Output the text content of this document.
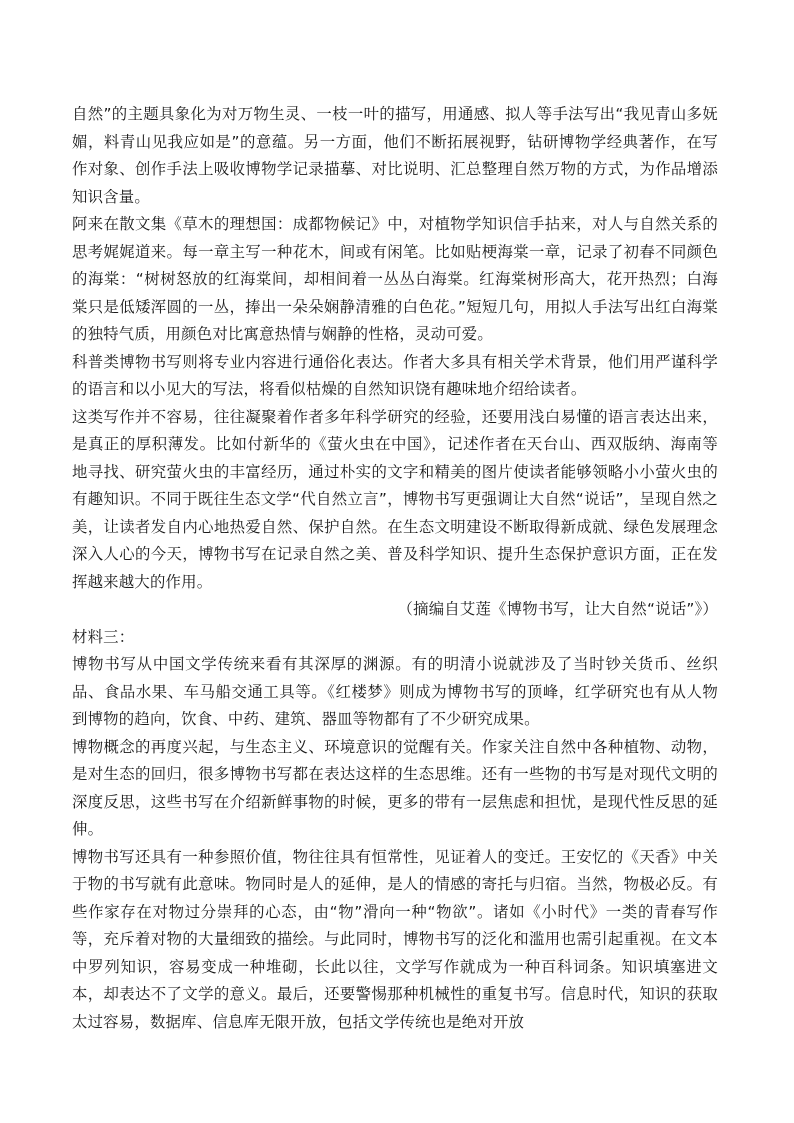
自然”的主题具象化为对万物生灵、一枝一叶的描写，用通感、拟人等手法写出“我见青山多妩媚，料青山见我应如是”的意蕴。另一方面，他们不断拓展视野，钻研博物学经典著作，在写作对象、创作手法上吸收博物学记录描摹、对比说明、汇总整理自然万物的方式，为作品增添知识含量。

阿来在散文集《草木的理想国：成都物候记》中，对植物学知识信手拈来，对人与自然关系的思考娓娓道来。每一章主写一种花木，间或有闲笔。比如贴梗海棠一章，记录了初春不同颜色的海棠：“树树怒放的红海棠间，却相间着一丛丛白海棠。红海棠树形高大，花开热烈；白海棠只是低矮浑圆的一丛，捧出一朵朵娴静清雅的白色花。”短短几句，用拟人手法写出红白海棠的独特气质，用颜色对比寓意热情与娴静的性格，灵动可爱。

科普类博物书写则将专业内容进行通俗化表达。作者大多具有相关学术背景，他们用严谨科学的语言和以小见大的写法，将看似枯燥的自然知识饶有趣味地介绍给读者。

这类写作并不容易，往往凝聚着作者多年科学研究的经验，还要用浅白易懂的语言表达出来，是真正的厚积薄发。比如付新华的《萤火虫在中国》，记述作者在天台山、西双版纳、海南等地寻找、研究萤火虫的丰富经历，通过朴实的文字和精美的图片使读者能够领略小小萤火虫的有趣知识。不同于既往生态文学“代自然立言”，博物书写更强调让大自然“说话”，呈现自然之美，让读者发自内心地热爱自然、保护自然。在生态文明建设不断取得新成就、绿色发展理念深入人心的今天，博物书写在记录自然之美、普及科学知识、提升生态保护意识方面，正在发挥越来越大的作用。

（摘编自艾莲《博物书写，让大自然“说话”》）

材料三：

博物书写从中国文学传统来看有其深厚的渊源。有的明清小说就涉及了当时钞关货币、丝织品、食品水果、车马船交通工具等。《红楼梦》则成为博物书写的顶峰，红学研究也有从人物到博物的趋向，饮食、中药、建筑、器皿等物都有了不少研究成果。

博物概念的再度兴起，与生态主义、环境意识的觉醒有关。作家关注自然中各种植物、动物，是对生态的回归，很多博物书写都在表达这样的生态思维。还有一些物的书写是对现代文明的深度反思，这些书写在介绍新鲜事物的时候，更多的带有一层焦虑和担忧，是现代性反思的延伸。

博物书写还具有一种参照价值，物往往具有恒常性，见证着人的变迁。王安忆的《天香》中关于物的书写就有此意味。物同时是人的延伸，是人的情感的寄托与归宿。当然，物极必反。有些作家存在对物过分崇拜的心态，由“物”滑向一种“物欲”。诸如《小时代》一类的青春写作等，充斥着对物的大量细致的描绘。与此同时，博物书写的泛化和滥用也需引起重视。在文本中罗列知识，容易变成一种堆砌，长此以往，文学写作就成为一种百科词条。知识填塞进文本，却表达不了文学的意义。最后，还要警惕那种机械性的重复书写。信息时代，知识的获取太过容易，数据库、信息库无限开放，包括文学传统也是绝对开放
